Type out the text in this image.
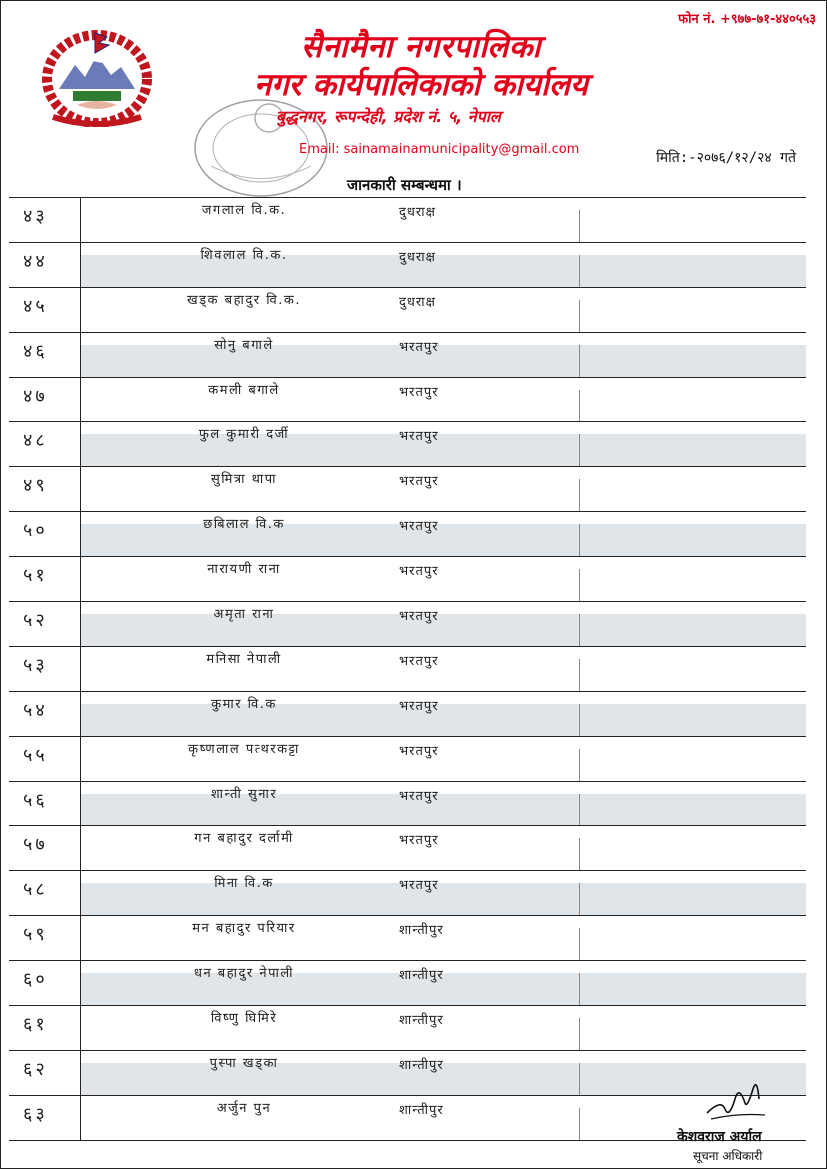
फोन नं. +९७७-७१-४४०५५३
सैनामैना नगरपालिका
नगर कार्यपालिकाको कार्यालय
बुद्धनगर, रूपन्देही, प्रदेश नं. ५, नेपाल
Email: sainamainamunicipality@gmail.com
मिति:-२०७६/१२/२४ गते
जानकारी सम्बन्धमा ।
४३	जगलाल वि.क.	दुधराक्ष
४४	शिवलाल वि.क.	दुधराक्ष
४५	खड्क बहादुर वि.क.	दुधराक्ष
४६	सोनु बगाले	भरतपुर
४७	कमली बगाले	भरतपुर
४८	फुल कुमारी दर्जी	भरतपुर
४९	सुमित्रा थापा	भरतपुर
५०	छबिलाल वि.क	भरतपुर
५१	नारायणी राना	भरतपुर
५२	अमृता राना	भरतपुर
५३	मनिसा नेपाली	भरतपुर
५४	कुमार वि.क	भरतपुर
५५	कृष्णलाल पत्थरकट्टा	भरतपुर
५६	शान्ती सुनार	भरतपुर
५७	गन बहादुर दर्लामी	भरतपुर
५८	मिना वि.क	भरतपुर
५९	मन बहादुर परियार	शान्तीपुर
६०	धन बहादुर नेपाली	शान्तीपुर
६१	विष्णु घिमिरे	शान्तीपुर
६२	पुस्पा खड्का	शान्तीपुर
६३	अर्जुन पुन	शान्तीपुर
केशवराज अर्याल
सूचना अधिकारी
